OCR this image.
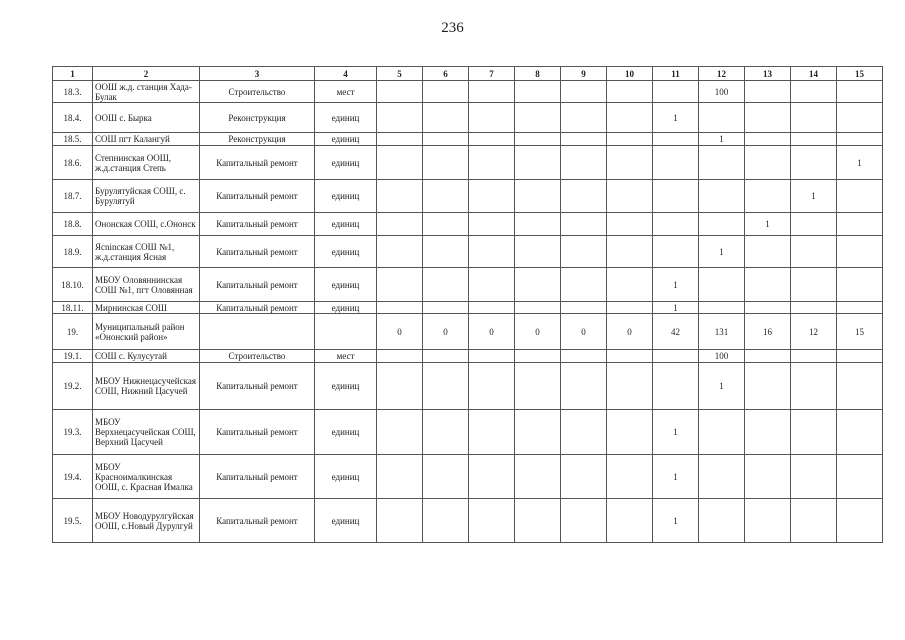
236
1	2	3	4	5	6	7	8	9	10	11	12	13	14	15
18.3.	ООШ ж.д. станция Хада-Булак	Строительство	мест								100			
18.4.	ООШ с. Бырка	Реконструкция	единиц							1				
18.5.	СОШ пгт Калангуй	Реконструкция	единиц								1			
18.6.	Степнинская ООШ, ж.д.станция Степь	Капитальный ремонт	единиц											1
18.7.	Бурулятуйская СОШ, с. Бурулятуй	Капитальный ремонт	единиц										1	
18.8.	Ононская СОШ, с.Ононск	Капитальный ремонт	единиц									1		
18.9.	Ясninская СОШ №1, ж.д.станция Ясная	Капитальный ремонт	единиц								1			
18.10.	МБОУ Оловяннинская СОШ №1, пгт Оловянная	Капитальный ремонт	единиц							1				
18.11.	Мирнинская СОШ	Капитальный ремонт	единиц							1				
19.	Муниципальный район «Ононский район»			0	0	0	0	0	0	42	131	16	12	15
19.1.	СОШ с. Кулусутай	Строительство	мест								100			
19.2.	МБОУ Нижнецасучейская СОШ, Нижний Цасучей	Капитальный ремонт	единиц								1			
19.3.	МБОУ Верхнецасучейская СОШ, Верхний Цасучей	Капитальный ремонт	единиц							1				
19.4.	МБОУ Красноималкинская ООШ, с. Красная Ималка	Капитальный ремонт	единиц							1				
19.5.	МБОУ Новодурулгуйская ООШ, с.Новый Дурулгуй	Капитальный ремонт	единиц							1				
